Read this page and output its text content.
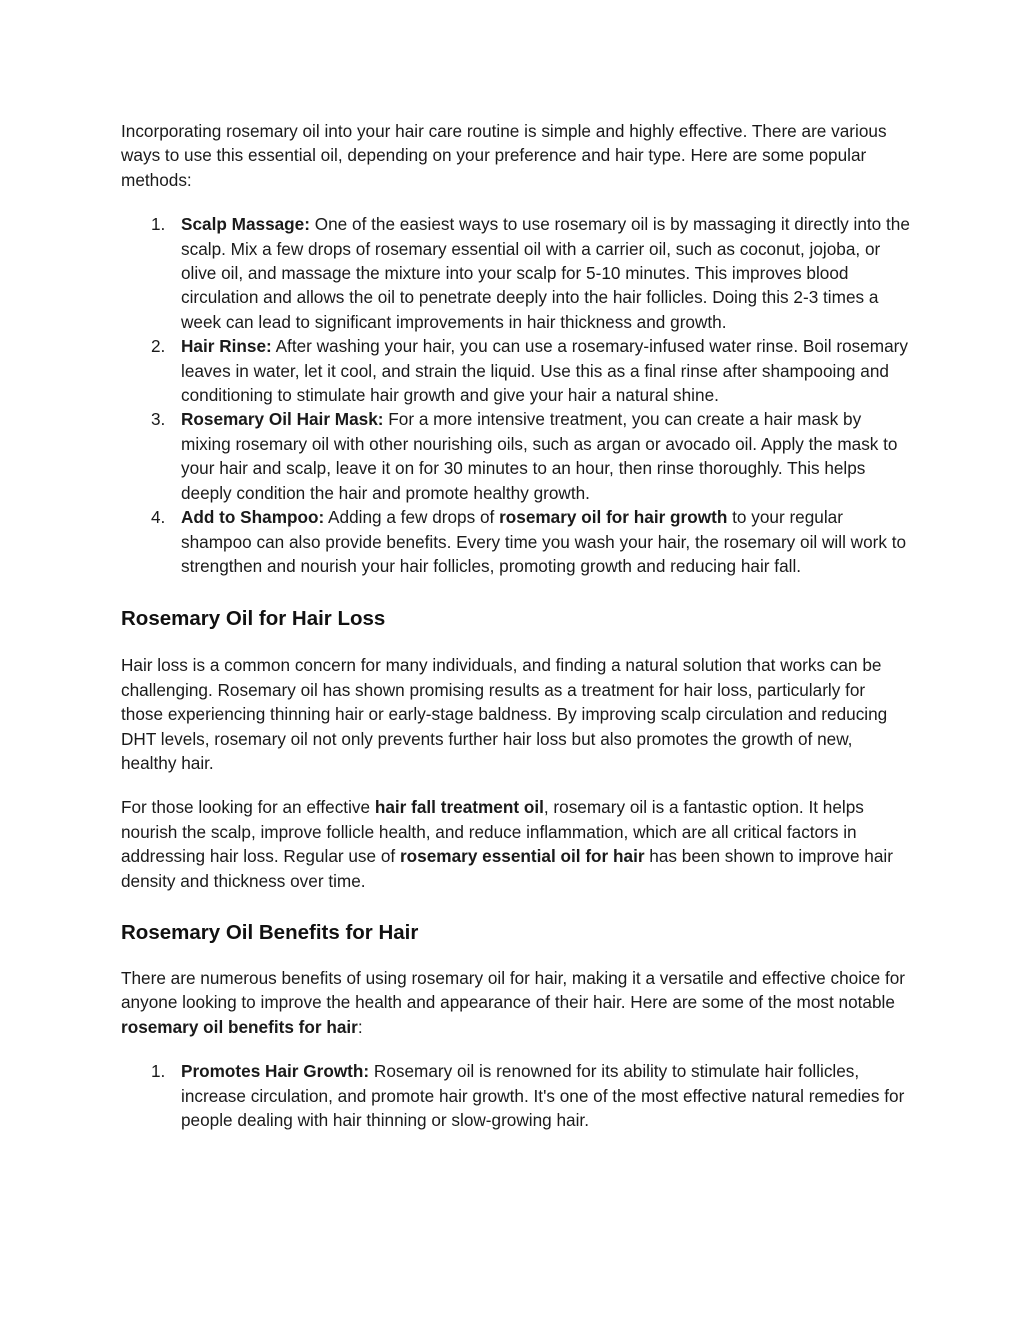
Incorporating rosemary oil into your hair care routine is simple and highly effective. There are various ways to use this essential oil, depending on your preference and hair type. Here are some popular methods:

1. Scalp Massage: One of the easiest ways to use rosemary oil is by massaging it directly into the scalp. Mix a few drops of rosemary essential oil with a carrier oil, such as coconut, jojoba, or olive oil, and massage the mixture into your scalp for 5-10 minutes. This improves blood circulation and allows the oil to penetrate deeply into the hair follicles. Doing this 2-3 times a week can lead to significant improvements in hair thickness and growth.
2. Hair Rinse: After washing your hair, you can use a rosemary-infused water rinse. Boil rosemary leaves in water, let it cool, and strain the liquid. Use this as a final rinse after shampooing and conditioning to stimulate hair growth and give your hair a natural shine.
3. Rosemary Oil Hair Mask: For a more intensive treatment, you can create a hair mask by mixing rosemary oil with other nourishing oils, such as argan or avocado oil. Apply the mask to your hair and scalp, leave it on for 30 minutes to an hour, then rinse thoroughly. This helps deeply condition the hair and promote healthy growth.
4. Add to Shampoo: Adding a few drops of rosemary oil for hair growth to your regular shampoo can also provide benefits. Every time you wash your hair, the rosemary oil will work to strengthen and nourish your hair follicles, promoting growth and reducing hair fall.
Rosemary Oil for Hair Loss

Hair loss is a common concern for many individuals, and finding a natural solution that works can be challenging. Rosemary oil has shown promising results as a treatment for hair loss, particularly for those experiencing thinning hair or early-stage baldness. By improving scalp circulation and reducing DHT levels, rosemary oil not only prevents further hair loss but also promotes the growth of new, healthy hair.

For those looking for an effective hair fall treatment oil, rosemary oil is a fantastic option. It helps nourish the scalp, improve follicle health, and reduce inflammation, which are all critical factors in addressing hair loss. Regular use of rosemary essential oil for hair has been shown to improve hair density and thickness over time.

Rosemary Oil Benefits for Hair

There are numerous benefits of using rosemary oil for hair, making it a versatile and effective choice for anyone looking to improve the health and appearance of their hair. Here are some of the most notable rosemary oil benefits for hair:

1. Promotes Hair Growth: Rosemary oil is renowned for its ability to stimulate hair follicles, increase circulation, and promote hair growth. It's one of the most effective natural remedies for people dealing with hair thinning or slow-growing hair.
